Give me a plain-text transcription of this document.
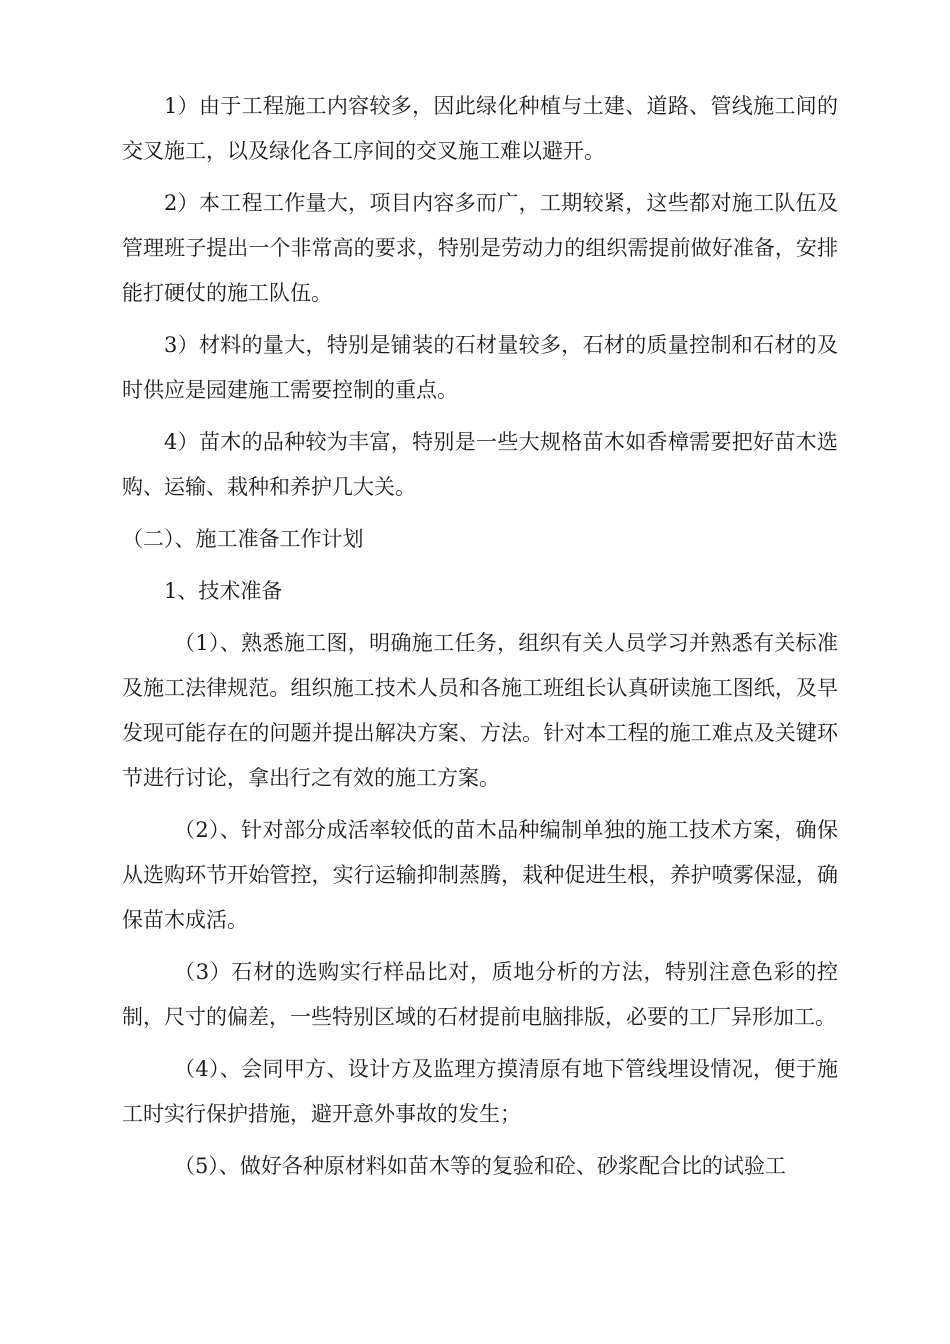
1）由于工程施工内容较多，因此绿化种植与土建、道路、管线施工间的交叉施工，以及绿化各工序间的交叉施工难以避开。

2）本工程工作量大，项目内容多而广，工期较紧，这些都对施工队伍及管理班子提出一个非常高的要求，特别是劳动力的组织需提前做好准备，安排能打硬仗的施工队伍。

3）材料的量大，特别是铺装的石材量较多，石材的质量控制和石材的及时供应是园建施工需要控制的重点。

4）苗木的品种较为丰富，特别是一些大规格苗木如香樟需要把好苗木选购、运输、栽种和养护几大关。

（二）、施工准备工作计划

1、技术准备

（1）、熟悉施工图，明确施工任务，组织有关人员学习并熟悉有关标准及施工法律规范。组织施工技术人员和各施工班组长认真研读施工图纸，及早发现可能存在的问题并提出解决方案、方法。针对本工程的施工难点及关键环节进行讨论，拿出行之有效的施工方案。

（2）、针对部分成活率较低的苗木品种编制单独的施工技术方案，确保从选购环节开始管控，实行运输抑制蒸腾，栽种促进生根，养护喷雾保湿，确保苗木成活。

（3）石材的选购实行样品比对，质地分析的方法，特别注意色彩的控制，尺寸的偏差，一些特别区域的石材提前电脑排版，必要的工厂异形加工。

（4）、会同甲方、设计方及监理方摸清原有地下管线埋设情况，便于施工时实行保护措施，避开意外事故的发生；

（5）、做好各种原材料如苗木等的复验和砼、砂浆配合比的试验工
